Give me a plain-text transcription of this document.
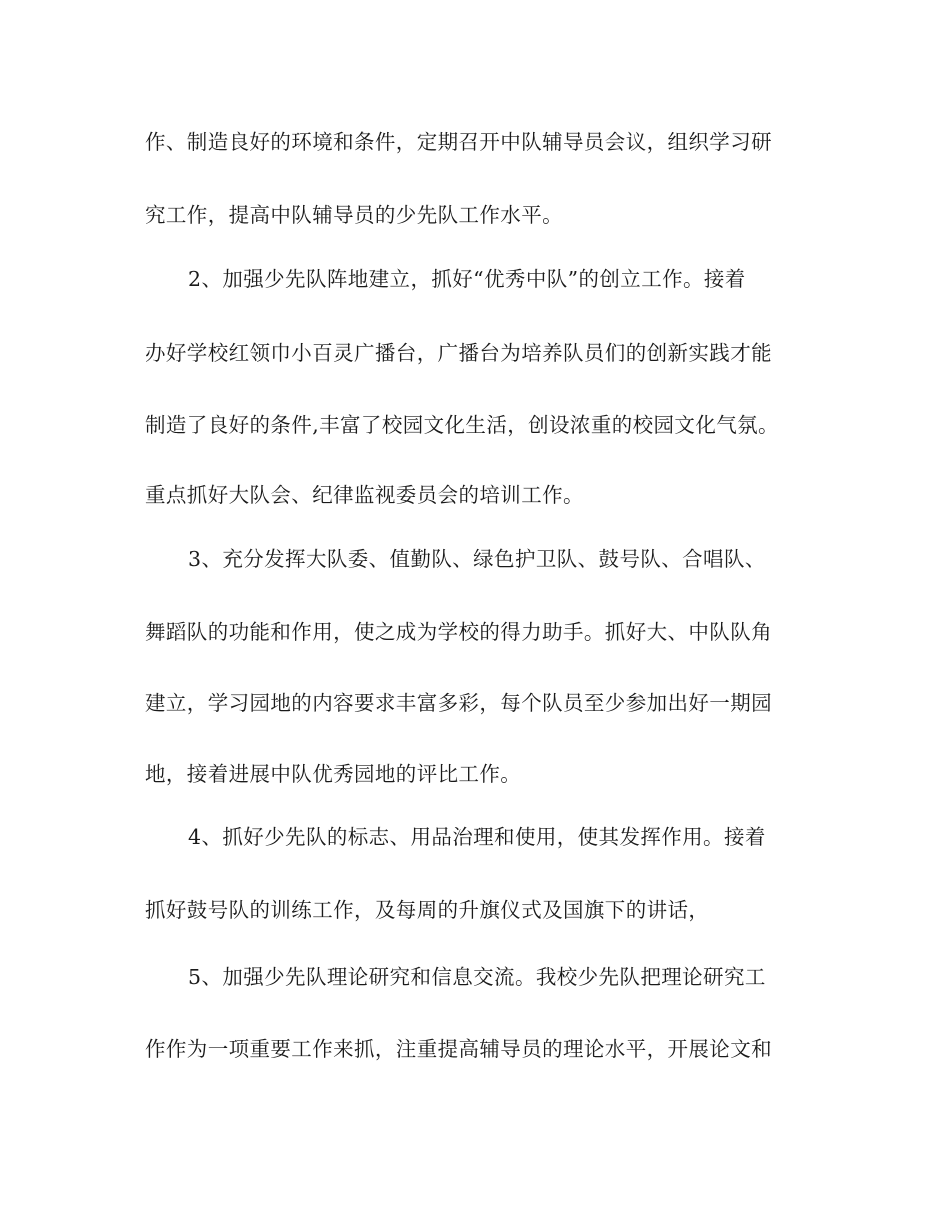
作、制造良好的环境和条件，定期召开中队辅导员会议，组织学习研
究工作，提高中队辅导员的少先队工作水平。
2、加强少先队阵地建立，抓好“优秀中队”的创立工作。接着
办好学校红领巾小百灵广播台，广播台为培养队员们的创新实践才能
制造了良好的条件,丰富了校园文化生活，创设浓重的校园文化气氛。
重点抓好大队会、纪律监视委员会的培训工作。
3、充分发挥大队委、值勤队、绿色护卫队、鼓号队、合唱队、
舞蹈队的功能和作用，使之成为学校的得力助手。抓好大、中队队角
建立，学习园地的内容要求丰富多彩，每个队员至少参加出好一期园
地，接着进展中队优秀园地的评比工作。
4、抓好少先队的标志、用品治理和使用，使其发挥作用。接着
抓好鼓号队的训练工作，及每周的升旗仪式及国旗下的讲话，
5、加强少先队理论研究和信息交流。我校少先队把理论研究工
作作为一项重要工作来抓，注重提高辅导员的理论水平，开展论文和
